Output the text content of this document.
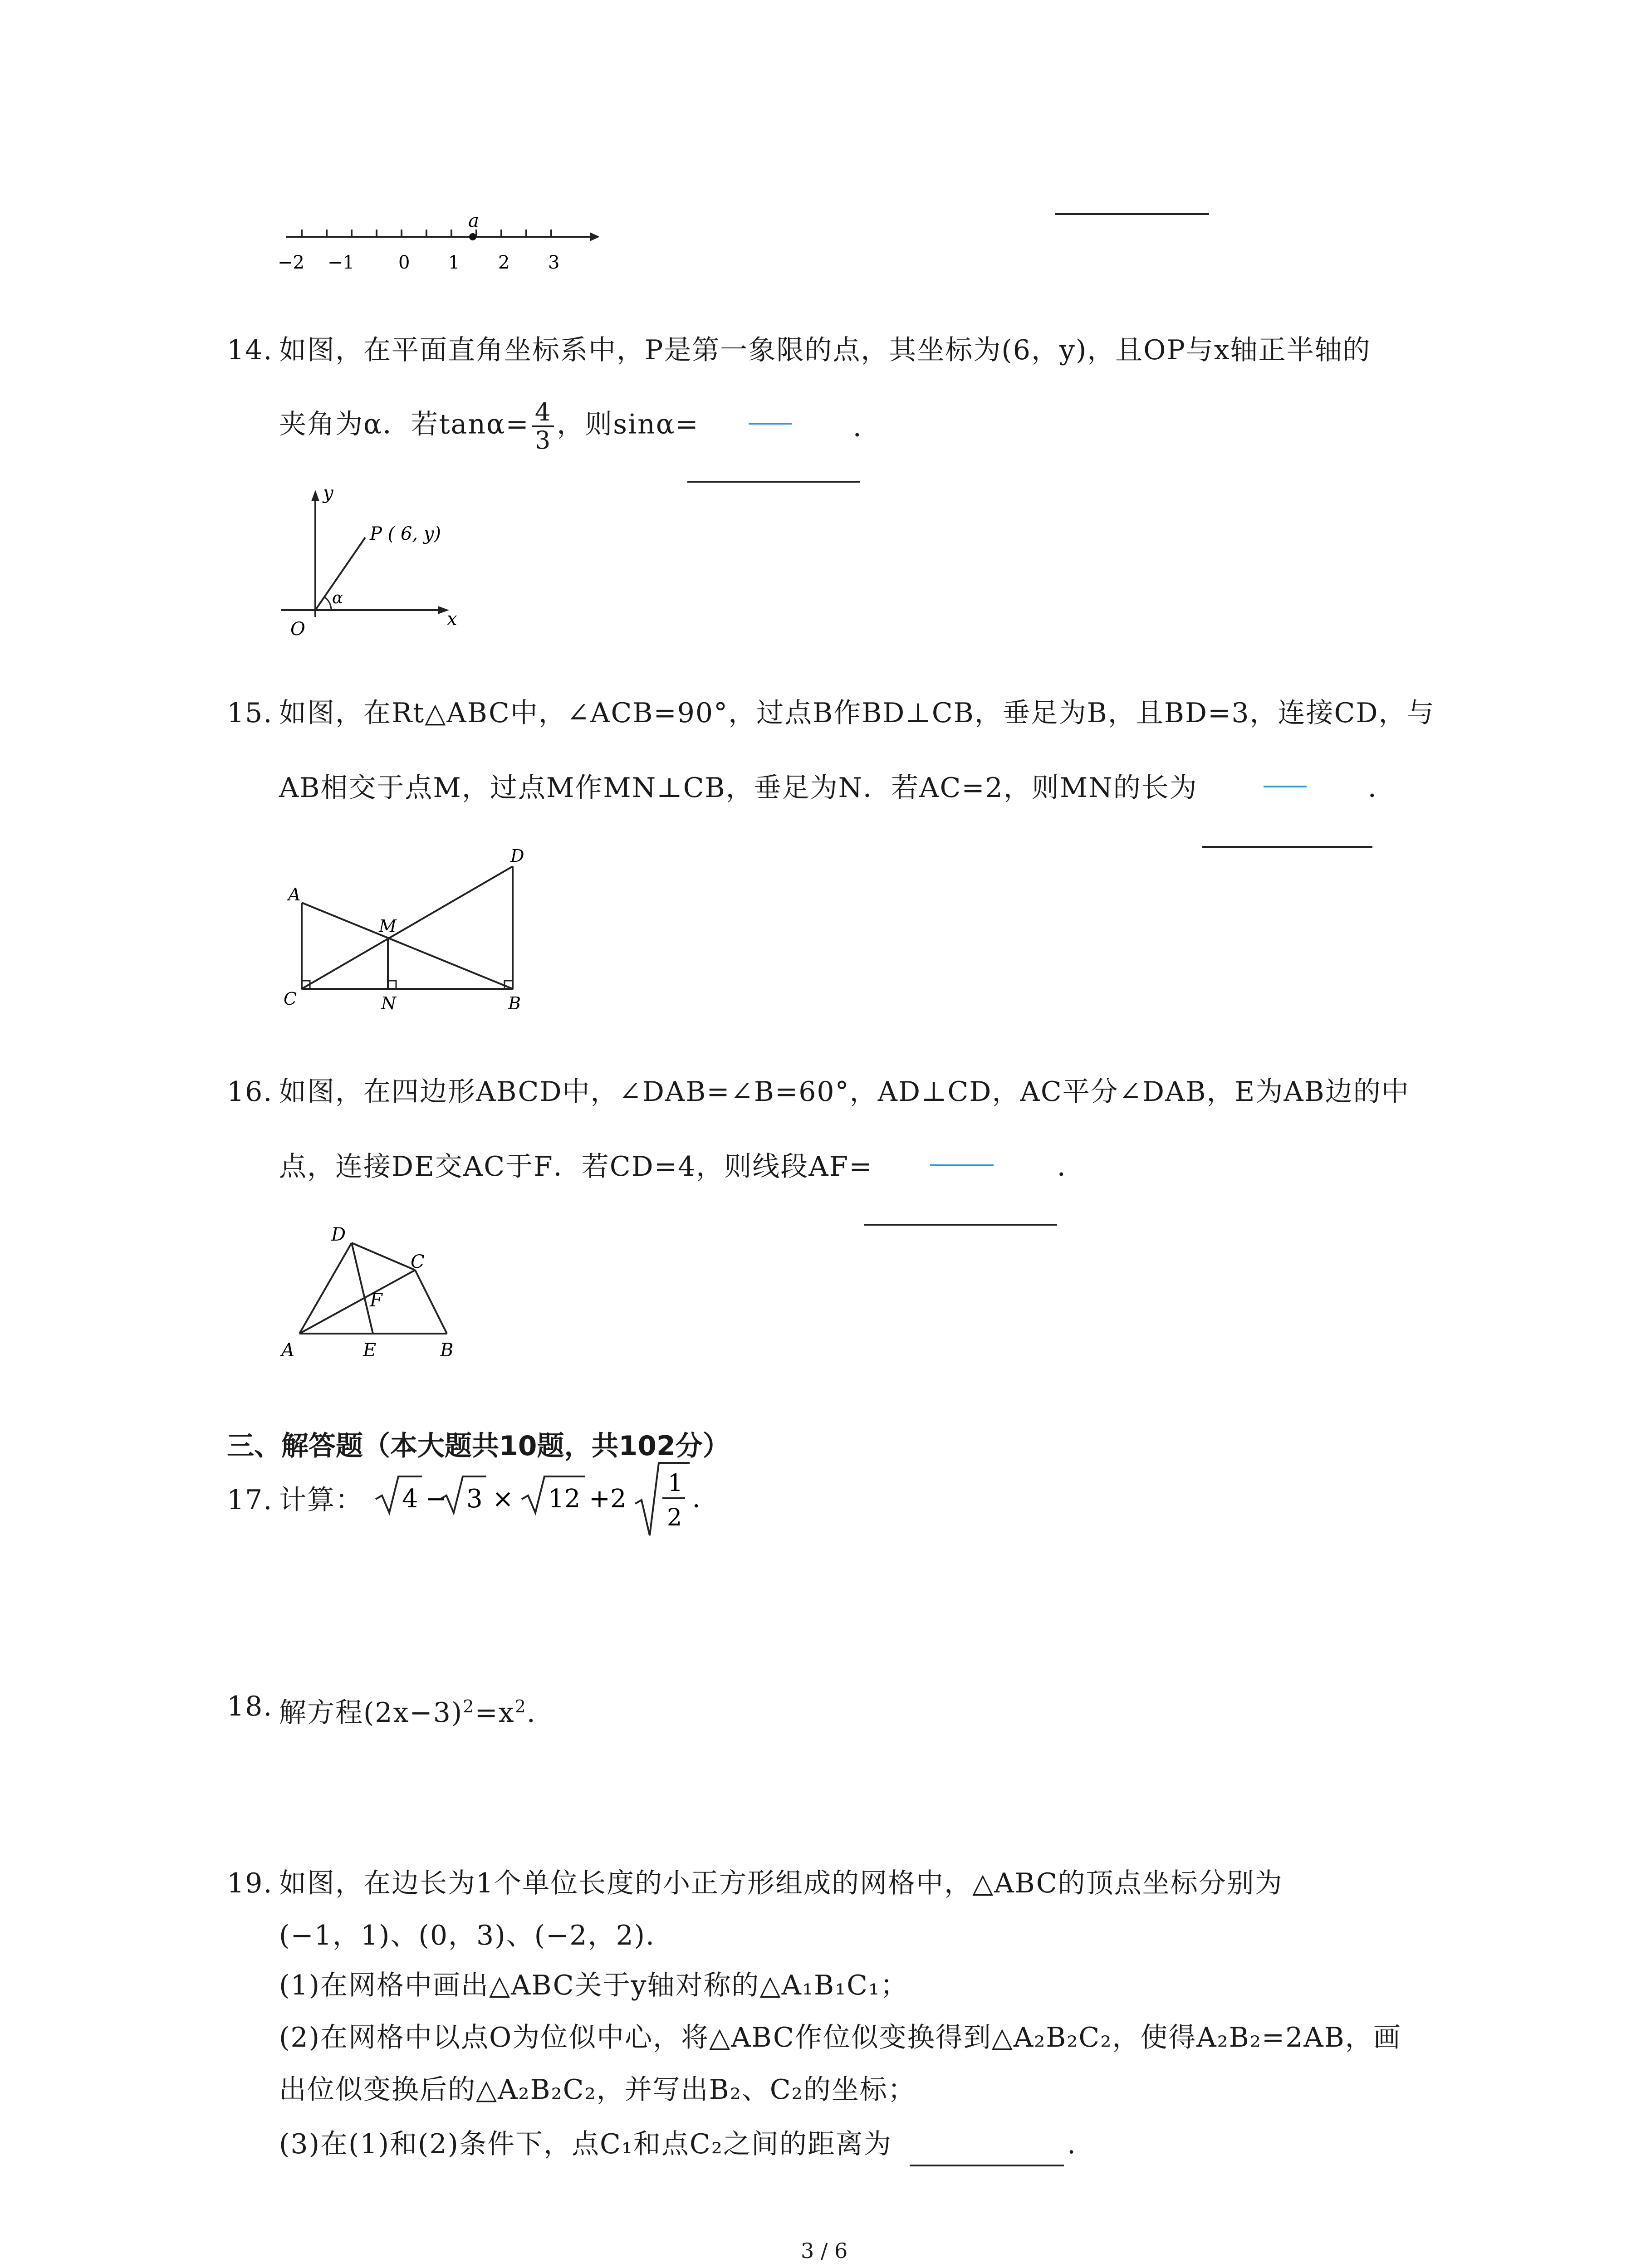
a
−2 −1 0 1 2 3
14. 如图，在平面直角坐标系中，P是第一象限的点，其坐标为(6，y)，且OP与x轴正半轴的
夹角为α．若$\tan\alpha= \frac{4}{3}$ ，则sinα=	．
y
x
O
P ( 6, y)
α
15. 如图，在Rt△ABC中，∠ACB=90°，过点B作BD⊥CB，垂足为B，且BD=3，连接CD，与
AB相交于点M，过点M作MN⊥CB，垂足为N．若AC=2，则MN的长为	．
A
C	N	B
D
M
16. 如图，在四边形ABCD中，∠DAB=∠B=60°，AD⊥CD，AC平分∠DAB，E为AB边的中
点，连接DE交AC于F．若CD=4，则线段AF=	．
D
C
F
A	E	B
三、解答题（本大题共10题，共102分）
17. 计算： 4 − 3 × 12 +2
1
2
．
18. 解方程$(2x-3)^2=x^2$.
19. 如图，在边长为1个单位长度的小正方形组成的网格中，△ABC的顶点坐标分别为
(−1，1)、(0，3)、(−2，2).
(1)在网格中画出△ABC关于y轴对称的△A₁B₁C₁；
(2)在网格中以点O为位似中心，将△ABC作位似变换得到△A₂B₂C₂，使得A₂B₂=2AB，画
出位似变换后的△A₂B₂C₂，并写出B₂、C₂的坐标；
(3)在(1)和(2)条件下，点C₁和点C₂之间的距离为	.
3 / 6
